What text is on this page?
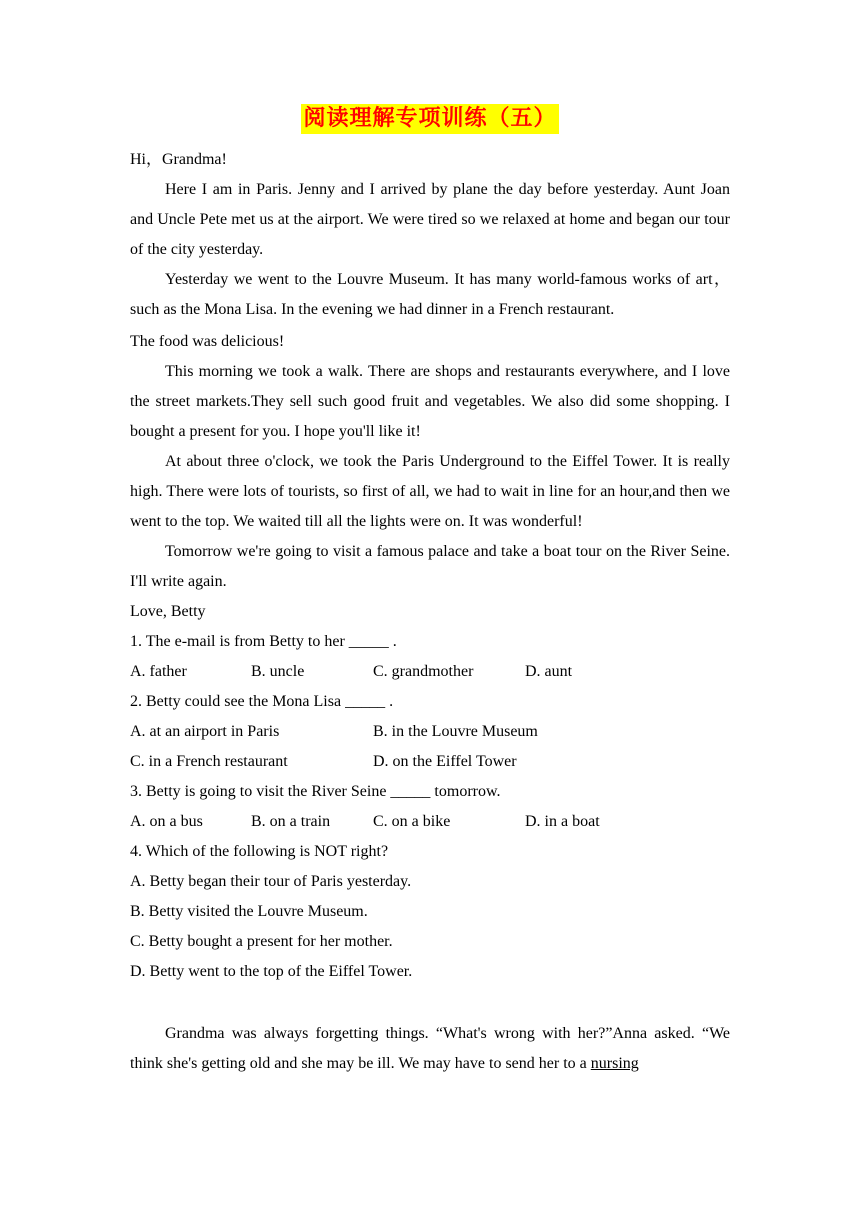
阅读理解专项训练（五）

Hi，Grandma!

Here I am in Paris. Jenny and I arrived by plane the day before yesterday. Aunt Joan and Uncle Pete met us at the airport. We were tired so we relaxed at home and began our tour of the city yesterday.

Yesterday we went to the Louvre Museum. It has many world-famous works of art，such as the Mona Lisa. In the evening we had dinner in a French restaurant.

The food was delicious!

This morning we took a walk. There are shops and restaurants everywhere, and I love the street markets.They sell such good fruit and vegetables. We also did some shopping. I bought a present for you. I hope you'll like it!

At about three o'clock, we took the Paris Underground to the Eiffel Tower. It is really high. There were lots of tourists, so first of all, we had to wait in line for an hour,and then we went to the top. We waited till all the lights were on. It was wonderful!

Tomorrow we're going to visit a famous palace and take a boat tour on the River Seine. I'll write again.

Love, Betty

1. The e-mail is from Betty to her _____ .

A. father	B. uncle	C. grandmother	D. aunt

2. Betty could see the Mona Lisa _____ .

A. at an airport in Paris	B. in the Louvre Museum
C. in a French restaurant	D. on the Eiffel Tower

3. Betty is going to visit the River Seine _____ tomorrow.

A. on a bus	B. on a train	C. on a bike	D. in a boat

4. Which of the following is NOT right?

A. Betty began their tour of Paris yesterday.

B. Betty visited the Louvre Museum.

C. Betty bought a present for her mother.

D. Betty went to the top of the Eiffel Tower.

Grandma was always forgetting things. “What's wrong with her?”Anna asked. “We think she's getting old and she may be ill. We may have to send her to a nursing
